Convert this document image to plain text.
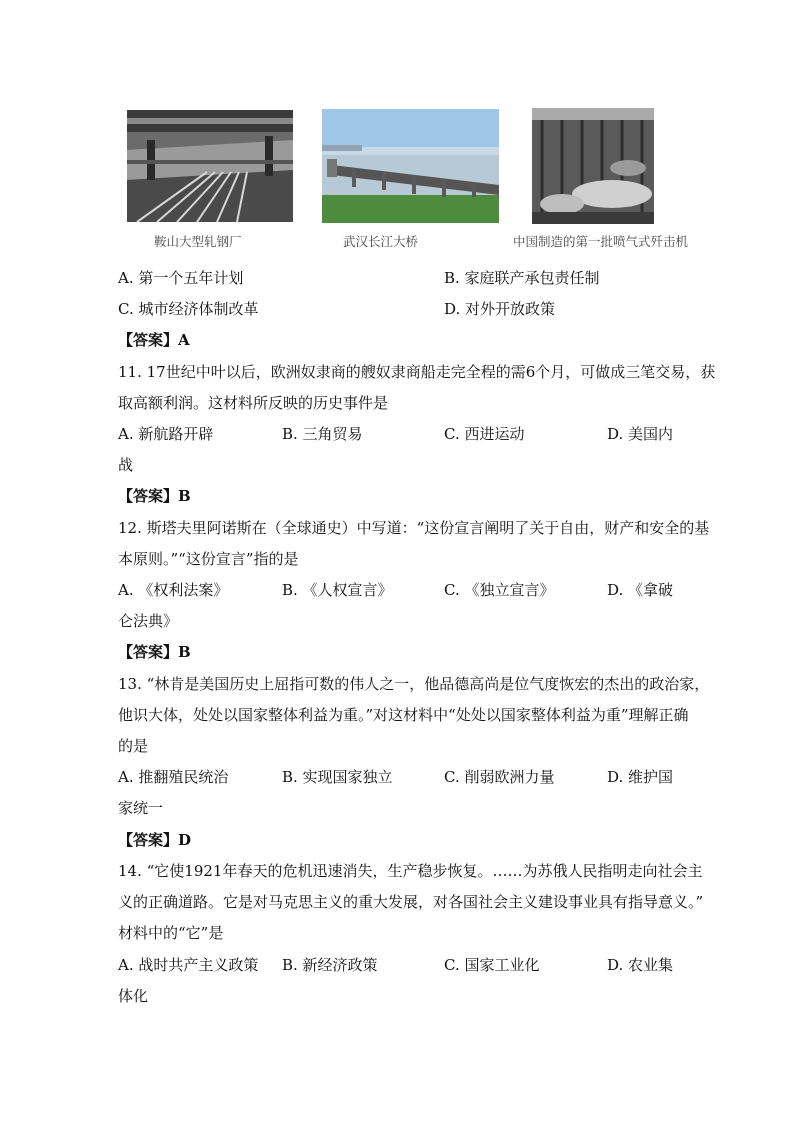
鞍山大型轧钢厂	武汉长江大桥	中国制造的第一批喷气式歼击机
A. 第一个五年计划	B. 家庭联产承包责任制
C. 城市经济体制改革	D. 对外开放政策
【答案】A
11. 17世纪中叶以后，欧洲奴隶商的艘奴隶商船走完全程的需6个月，可做成三笔交易，获
取高额利润。这材料所反映的历史事件是
A. 新航路开辟	B. 三角贸易	C. 西进运动	D. 美国内
战
【答案】B
12. 斯塔夫里阿诺斯在（全球通史）中写道：“这份宣言阐明了关于自由，财产和安全的基
本原则。”“这份宣言”指的是
A. 《权利法案》	B. 《人权宣言》	C. 《独立宣言》	D. 《拿破
仑法典》
【答案】B
13. “林肯是美国历史上屈指可数的伟人之一，他品德高尚是位气度恢宏的杰出的政治家，
他识大体，处处以国家整体利益为重。”对这材料中“处处以国家整体利益为重”理解正确
的是
A. 推翻殖民统治	B. 实现国家独立	C. 削弱欧洲力量	D. 维护国
家统一
【答案】D
14. “它使1921年春天的危机迅速消失，生产稳步恢复。……为苏俄人民指明走向社会主
义的正确道路。它是对马克思主义的重大发展，对各国社会主义建设事业具有指导意义。”
材料中的“它”是
A. 战时共产主义政策 B. 新经济政策	C. 国家工业化	D. 农业集
体化
